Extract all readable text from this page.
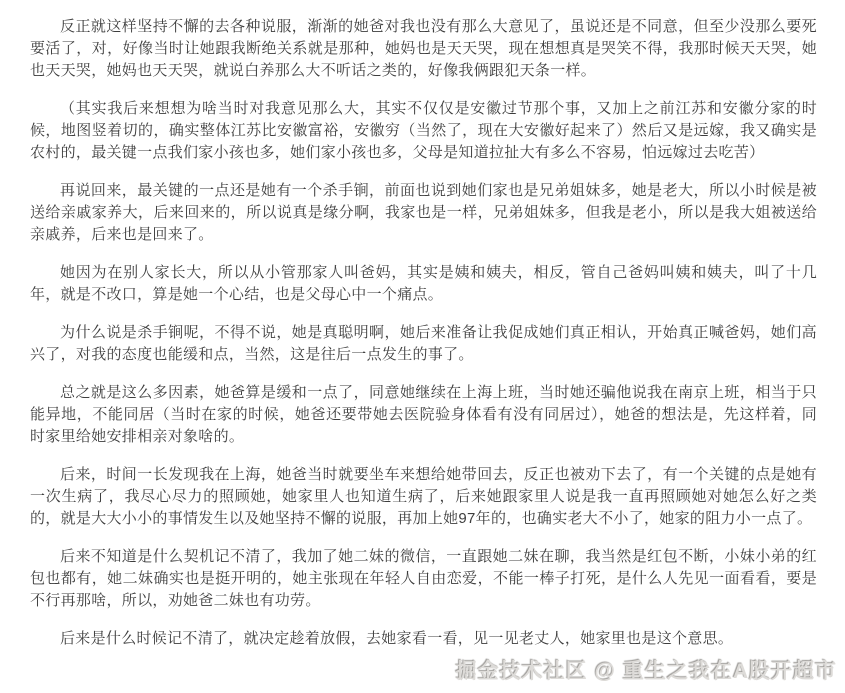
反正就这样坚持不懈的去各种说服，渐渐的她爸对我也没有那么大意见了，虽说还是不同意，但至少没那么要死要活了，对，好像当时让她跟我断绝关系就是那种，她妈也是天天哭，现在想想真是哭笑不得，我那时候天天哭，她也天天哭，她妈也天天哭，就说白养那么大不听话之类的，好像我俩跟犯天条一样。

（其实我后来想想为啥当时对我意见那么大，其实不仅仅是安徽过节那个事，又加上之前江苏和安徽分家的时候，地图竖着切的，确实整体江苏比安徽富裕，安徽穷（当然了，现在大安徽好起来了）然后又是远嫁，我又确实是农村的，最关键一点我们家小孩也多，她们家小孩也多，父母是知道拉扯大有多么不容易，怕远嫁过去吃苦）

再说回来，最关键的一点还是她有一个杀手锏，前面也说到她们家也是兄弟姐妹多，她是老大，所以小时候是被送给亲戚家养大，后来回来的，所以说真是缘分啊，我家也是一样，兄弟姐妹多，但我是老小，所以是我大姐被送给亲戚养，后来也是回来了。

她因为在别人家长大，所以从小管那家人叫爸妈，其实是姨和姨夫，相反，管自己爸妈叫姨和姨夫，叫了十几年，就是不改口，算是她一个心结，也是父母心中一个痛点。

为什么说是杀手锏呢，不得不说，她是真聪明啊，她后来准备让我促成她们真正相认，开始真正喊爸妈，她们高兴了，对我的态度也能缓和点，当然，这是往后一点发生的事了。

总之就是这么多因素，她爸算是缓和一点了，同意她继续在上海上班，当时她还骗他说我在南京上班，相当于只能异地，不能同居（当时在家的时候，她爸还要带她去医院验身体看有没有同居过），她爸的想法是，先这样着，同时家里给她安排相亲对象啥的。

后来，时间一长发现我在上海，她爸当时就要坐车来想给她带回去，反正也被劝下去了，有一个关键的点是她有一次生病了，我尽心尽力的照顾她，她家里人也知道生病了，后来她跟家里人说是我一直再照顾她对她怎么好之类的，就是大大小小的事情发生以及她坚持不懈的说服，再加上她97年的，也确实老大不小了，她家的阻力小一点了。

后来不知道是什么契机记不清了，我加了她二妹的微信，一直跟她二妹在聊，我当然是红包不断，小妹小弟的红包也都有，她二妹确实也是挺开明的，她主张现在年轻人自由恋爱，不能一棒子打死，是什么人先见一面看看，要是不行再那啥，所以，劝她爸二妹也有功劳。

后来是什么时候记不清了，就决定趁着放假，去她家看一看，见一见老丈人，她家里也是这个意思。

掘金技术社区 @ 重生之我在A股开超市
